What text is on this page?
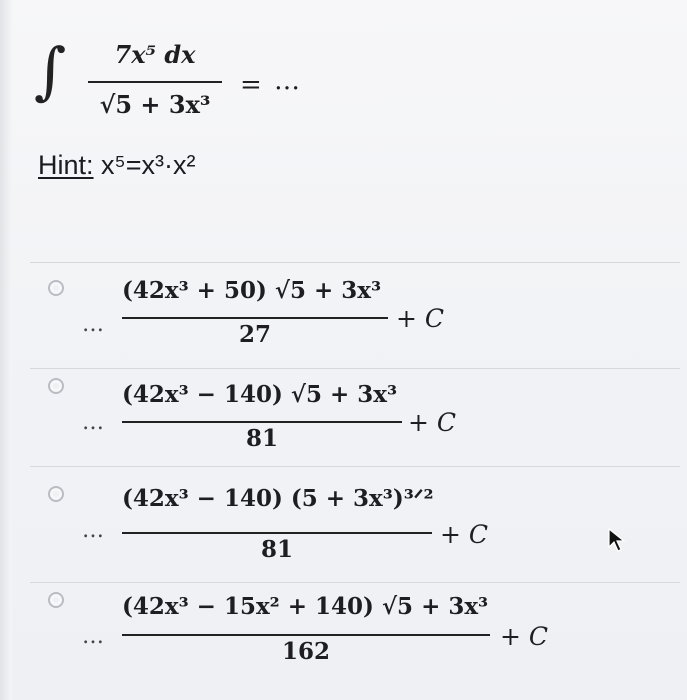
∫	7x⁵ dx
√5 + 3x³
= …
Hint: x⁵=x³·x²
…
(42x³ + 50) √5 + 3x³
27
+ C
…
(42x³ − 140) √5 + 3x³
81
+ C
…
(42x³ − 140) (5 + 3x³)³ᐟ²
81
+ C
…
(42x³ − 15x² + 140) √5 + 3x³
162
+ C
